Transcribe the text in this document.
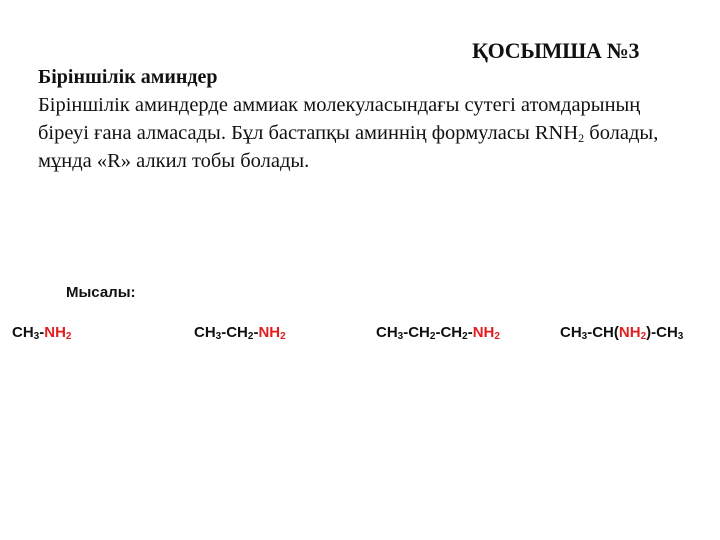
ҚОСЫМША №3
Біріншілік аминдер
Біріншілік аминдерде аммиак молекуласындағы сутегі атомдарының біреуі ғана алмасады. Бұл бастапқы аминнің формуласы $RNH_2$ болады, мұнда «R» алкил тобы болады.
Мысалы:
$CH_3-NH_2$	$CH_3-CH_2-NH_2$	$CH_3-CH_2-CH_2-NH_2$	$CH_3-CH(NH_2)-CH_3$
